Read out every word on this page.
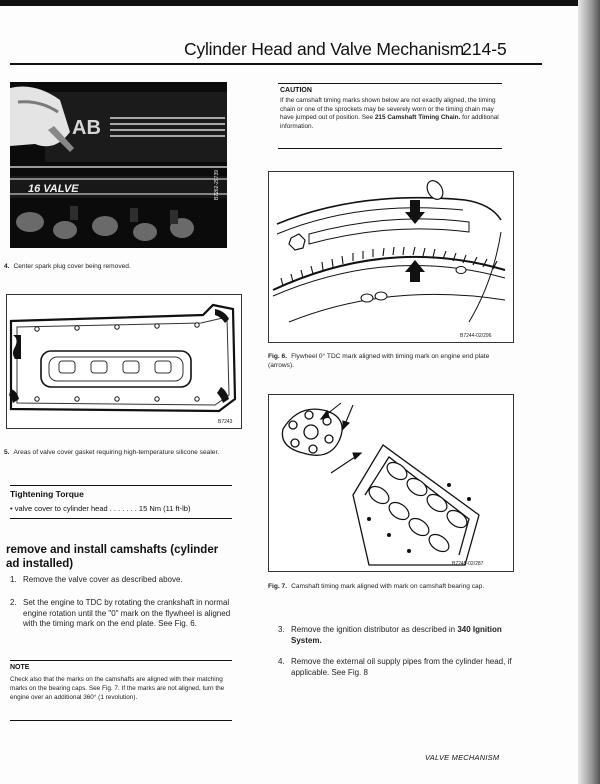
Cylinder Head and Valve Mechanism
214-5
AB
16 VALVE	B7262-29739
4. Center spark plug cover being removed.
B7243
5. Areas of valve cover gasket requiring high-temperature silicone sealer.
Tightening Torque
• valve cover to cylinder head . . . . . . . 15 Nm (11 ft-lb)
remove and install camshafts (cylinder
ad installed)
1. Remove the valve cover as described above.
2. Set the engine to TDC by rotating the crankshaft in normal engine rotation until the "0" mark on the flywheel is aligned with the timing mark on the end plate. See Fig. 6.
NOTE
Check also that the marks on the camshafts are aligned with their matching marks on the bearing caps. See Fig. 7. If the marks are not aligned, turn the engine over an additional 360° (1 revolution).
CAUTION
If the camshaft timing marks shown below are not exactly aligned, the timing chain or one of the sprockets may be severely worn or the timing chain may have jumped out of position. See 215 Camshaft Timing Chain. for additional information.
B7244-02/296
Fig. 6. Flywheel 0° TDC mark aligned with timing mark on engine end plate (arrows).
B7245-02/287
Fig. 7. Camshaft timing mark aligned with mark on camshaft bearing cap.
3. Remove the ignition distributor as described in 340 Ignition System.
4. Remove the external oil supply pipes from the cylinder head, if applicable. See Fig. 8
VALVE MECHANISM
